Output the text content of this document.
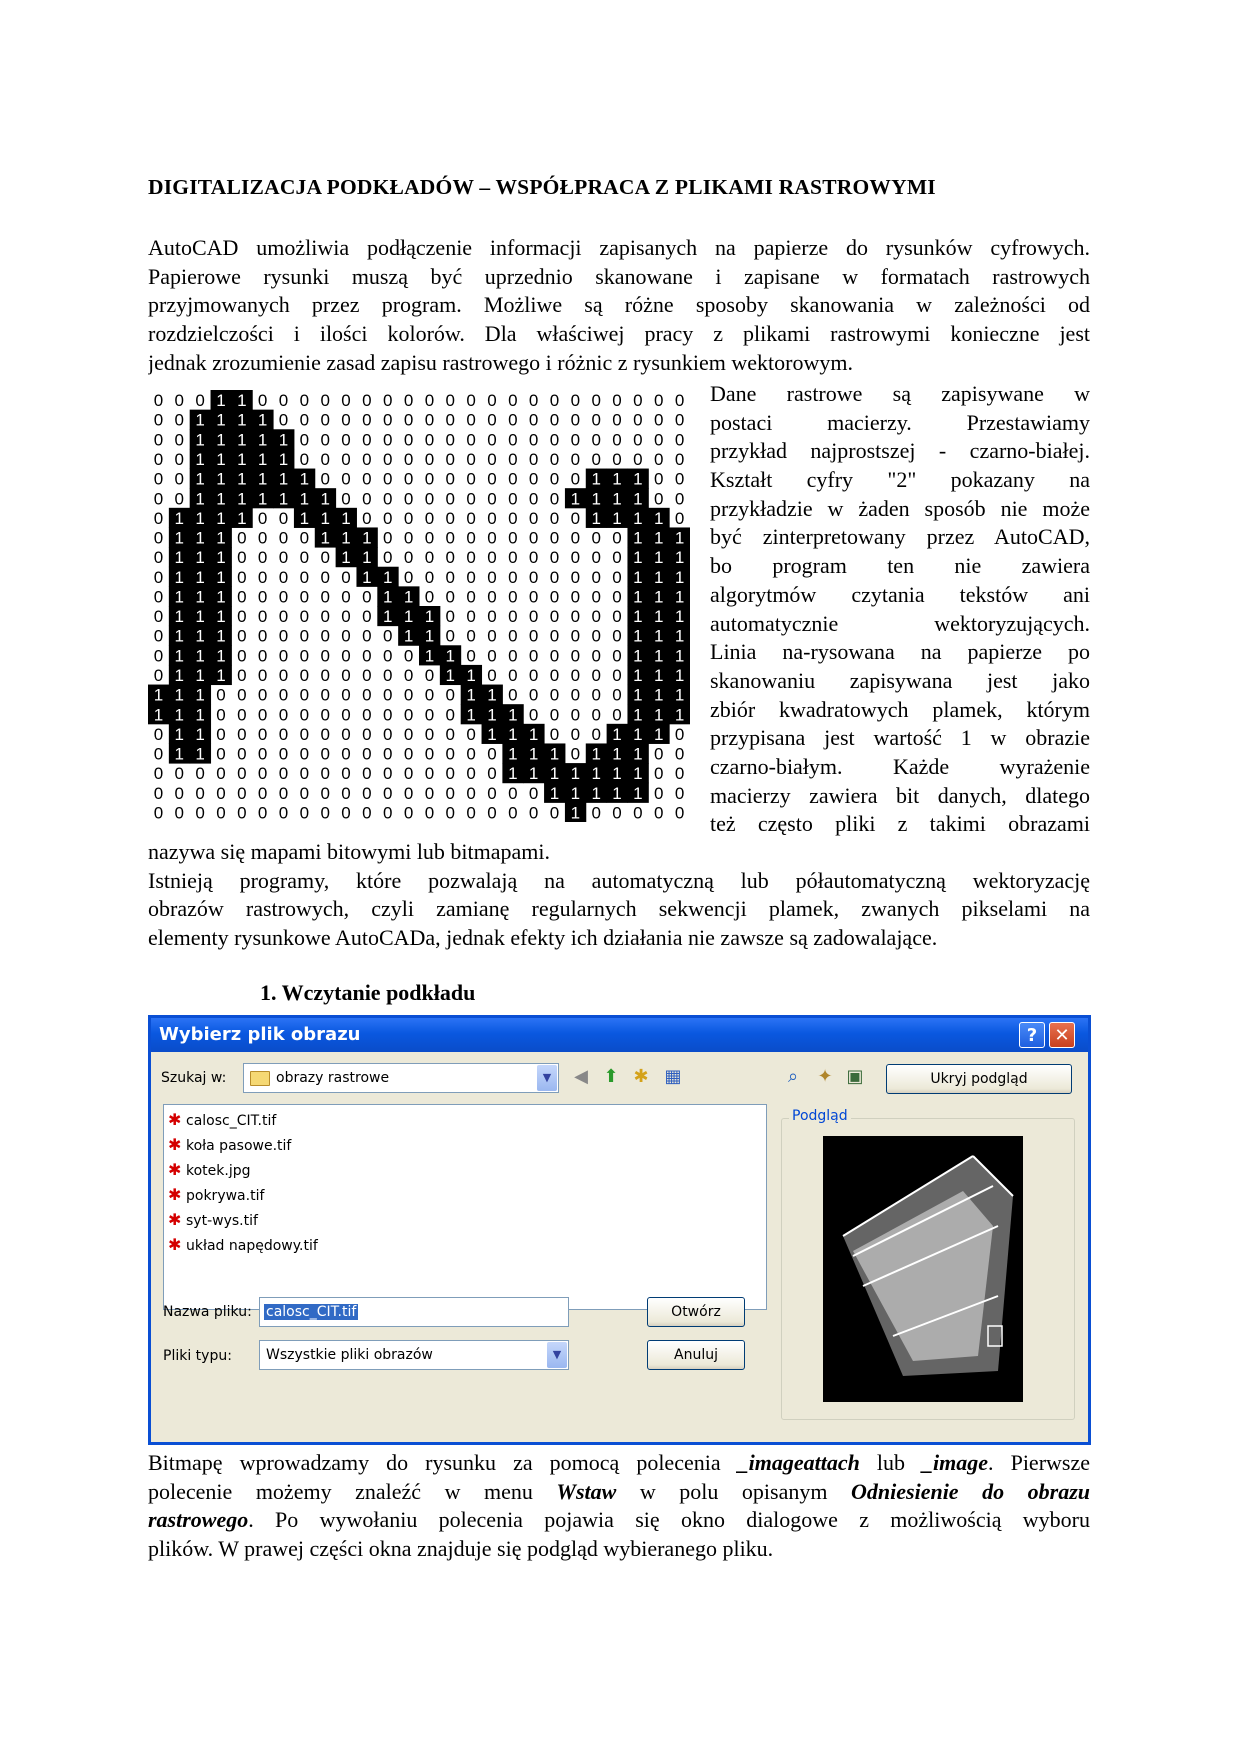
DIGITALIZACJA PODKŁADÓW – WSPÓŁPRACA Z PLIKAMI RASTROWYMI
AutoCAD umożliwia podłączenie informacji zapisanych na papierze do rysunków cyfrowych.
Papierowe rysunki muszą być uprzednio skanowane i zapisane w formatach rastrowych
przyjmowanych przez program. Możliwe są różne sposoby skanowania w zależności od
rozdzielczości i ilości kolorów. Dla właściwej pracy z plikami rastrowymi konieczne jest
jednak zrozumienie zasad zapisu rastrowego i różnic z rysunkiem wektorowym.
0 0 0 1 1 0 0 0 0 0 0 0 0 0 0 0 0 0 0 0 0 0 0 0 0 0
0 0 1 1 1 1 0 0 0 0 0 0 0 0 0 0 0 0 0 0 0 0 0 0 0 0
0 0 1 1 1 1 1 0 0 0 0 0 0 0 0 0 0 0 0 0 0 0 0 0 0 0
0 0 1 1 1 1 1 0 0 0 0 0 0 0 0 0 0 0 0 0 0 0 0 0 0 0
0 0 1 1 1 1 1 1 0 0 0 0 0 0 0 0 0 0 0 0 0 1 1 1 0 0
0 0 1 1 1 1 1 1 1 0 0 0 0 0 0 0 0 0 0 0 1 1 1 1 0 0
0 1 1 1 1 0 0 1 1 1 0 0 0 0 0 0 0 0 0 0 0 1 1 1 1 0
0 1 1 1 0 0 0 0 1 1 1 0 0 0 0 0 0 0 0 0 0 0 0 1 1 1
0 1 1 1 0 0 0 0 0 1 1 0 0 0 0 0 0 0 0 0 0 0 0 1 1 1
0 1 1 1 0 0 0 0 0 0 1 1 0 0 0 0 0 0 0 0 0 0 0 1 1 1
0 1 1 1 0 0 0 0 0 0 0 1 1 0 0 0 0 0 0 0 0 0 0 1 1 1
0 1 1 1 0 0 0 0 0 0 0 1 1 1 0 0 0 0 0 0 0 0 0 1 1 1
0 1 1 1 0 0 0 0 0 0 0 0 1 1 0 0 0 0 0 0 0 0 0 1 1 1
0 1 1 1 0 0 0 0 0 0 0 0 0 1 1 0 0 0 0 0 0 0 0 1 1 1
0 1 1 1 0 0 0 0 0 0 0 0 0 0 1 1 0 0 0 0 0 0 0 1 1 1
1 1 1 0 0 0 0 0 0 0 0 0 0 0 0 1 1 0 0 0 0 0 0 1 1 1
1 1 1 0 0 0 0 0 0 0 0 0 0 0 0 1 1 1 0 0 0 0 0 1 1 1
0 1 1 0 0 0 0 0 0 0 0 0 0 0 0 0 1 1 1 0 0 0 1 1 1 0
0 1 1 0 0 0 0 0 0 0 0 0 0 0 0 0 0 1 1 1 0 1 1 1 0 0
0 0 0 0 0 0 0 0 0 0 0 0 0 0 0 0 0 1 1 1 1 1 1 1 0 0
0 0 0 0 0 0 0 0 0 0 0 0 0 0 0 0 0 0 0 1 1 1 1 1 0 0
0 0 0 0 0 0 0 0 0 0 0 0 0 0 0 0 0 0 0 0 1 0 0 0 0 0
Dane rastrowe są zapisywane w
postaci macierzy. Przestawiamy
przykład najprostszej - czarno-białej.
Kształt cyfry "2" pokazany na
przykładzie w żaden sposób nie może
być zinterpretowany przez AutoCAD,
bo program ten nie zawiera
algorytmów czytania tekstów ani
automatycznie wektoryzujących.
Linia na-rysowana na papierze po
skanowaniu zapisywana jest jako
zbiór kwadratowych plamek, którym
przypisana jest wartość 1 w obrazie
czarno-białym. Każde wyrażenie
macierzy zawiera bit danych, dlatego
też często pliki z takimi obrazami
nazywa się mapami bitowymi lub bitmapami.
Istnieją programy, które pozwalają na automatyczną lub półautomatyczną wektoryzację
obrazów rastrowych, czyli zamianę regularnych sekwencji plamek, zwanych pikselami na
elementy rysunkowe AutoCADa, jednak efekty ich działania nie zawsze są zadowalające.
1. Wczytanie podkładu
Wybierz plik obrazu	? ✕
Szukaj w:	obrazy rastrowe	▼	◀ ⬆ ✱ ▦	⌕	✦ ▣	Ukryj podgląd
✱ calosc_CIT.tif
✱ koła pasowe.tif
✱ kotek.jpg
✱ pokrywa.tif
✱ syt-wys.tif
✱ układ napędowy.tif
Podgląd
Nazwa pliku:	calosc_CIT.tif	Otwórz
Pliki typu:	Wszystkie pliki obrazów	▼	Anuluj
Bitmapę wprowadzamy do rysunku za pomocą polecenia _imageattach lub _image. Pierwsze
polecenie możemy znaleźć w menu Wstaw w polu opisanym Odniesienie do obrazu
rastrowego. Po wywołaniu polecenia pojawia się okno dialogowe z możliwością wyboru
plików. W prawej części okna znajduje się podgląd wybieranego pliku.
